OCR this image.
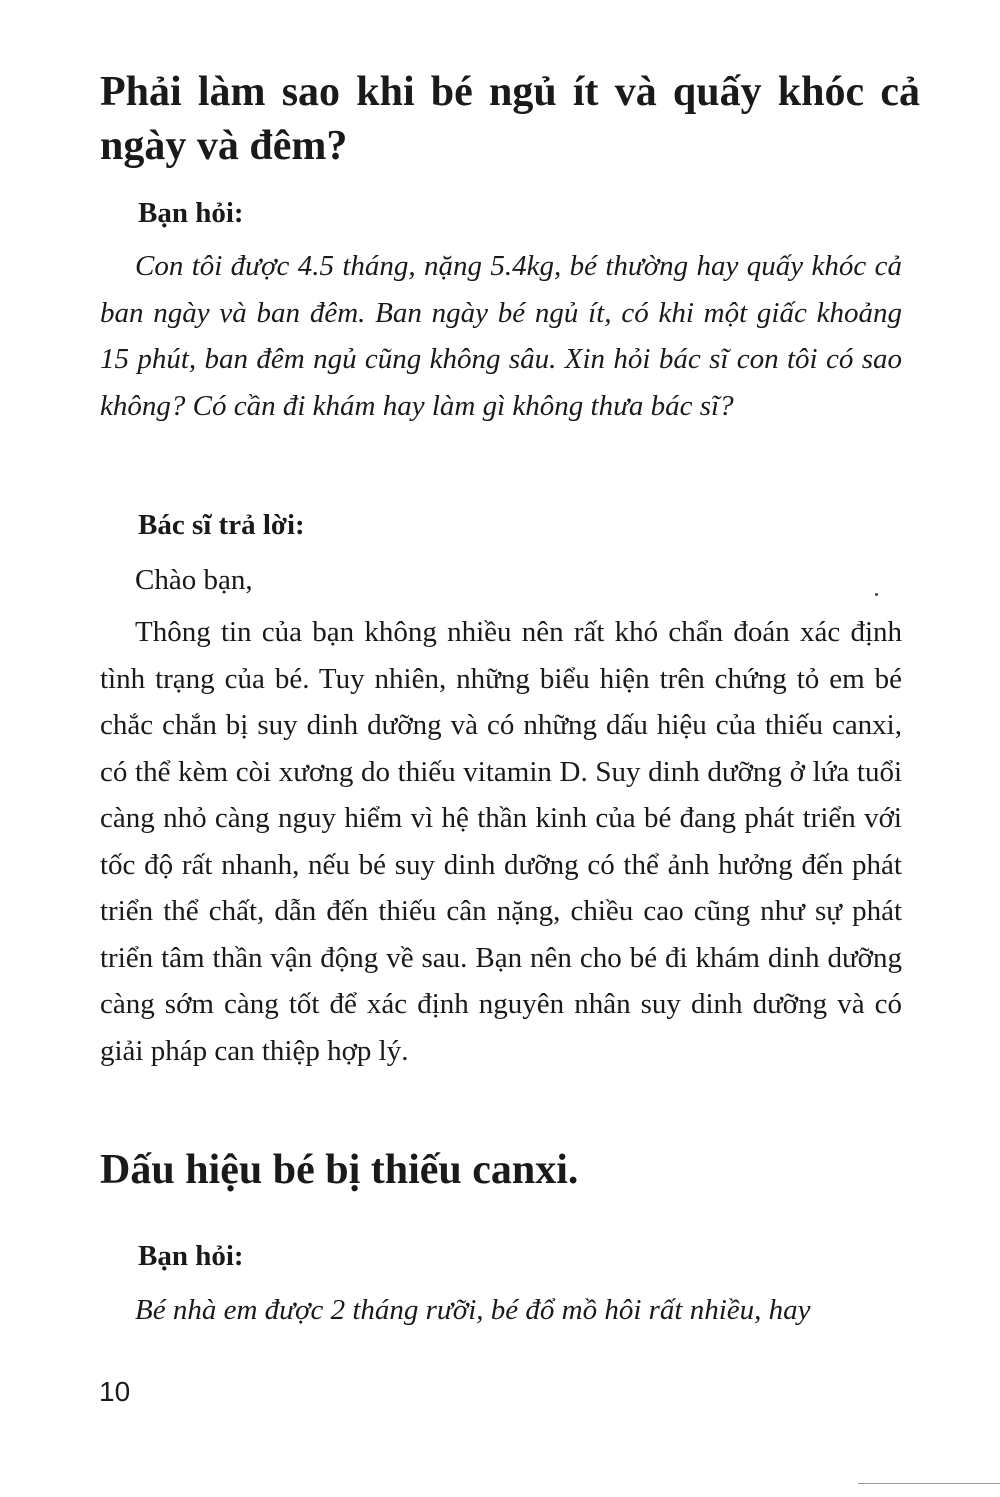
Phải làm sao khi bé ngủ ít và quấy khóc cả ngày và đêm?

Bạn hỏi:

Con tôi được 4.5 tháng, nặng 5.4kg, bé thường hay quấy khóc cả ban ngày và ban đêm. Ban ngày bé ngủ ít, có khi một giấc khoảng 15 phút, ban đêm ngủ cũng không sâu. Xin hỏi bác sĩ con tôi có sao không? Có cần đi khám hay làm gì không thưa bác sĩ?

Bác sĩ trả lời:

Chào bạn,

Thông tin của bạn không nhiều nên rất khó chẩn đoán xác định tình trạng của bé. Tuy nhiên, những biểu hiện trên chứng tỏ em bé chắc chắn bị suy dinh dưỡng và có những dấu hiệu của thiếu canxi, có thể kèm còi xương do thiếu vitamin D. Suy dinh dưỡng ở lứa tuổi càng nhỏ càng nguy hiểm vì hệ thần kinh của bé đang phát triển với tốc độ rất nhanh, nếu bé suy dinh dưỡng có thể ảnh hưởng đến phát triển thể chất, dẫn đến thiếu cân nặng, chiều cao cũng như sự phát triển tâm thần vận động về sau. Bạn nên cho bé đi khám dinh dưỡng càng sớm càng tốt để xác định nguyên nhân suy dinh dưỡng và có giải pháp can thiệp hợp lý.

Dấu hiệu bé bị thiếu canxi.

Bạn hỏi:

Bé nhà em được 2 tháng rưỡi, bé đổ mồ hôi rất nhiều, hay

10
